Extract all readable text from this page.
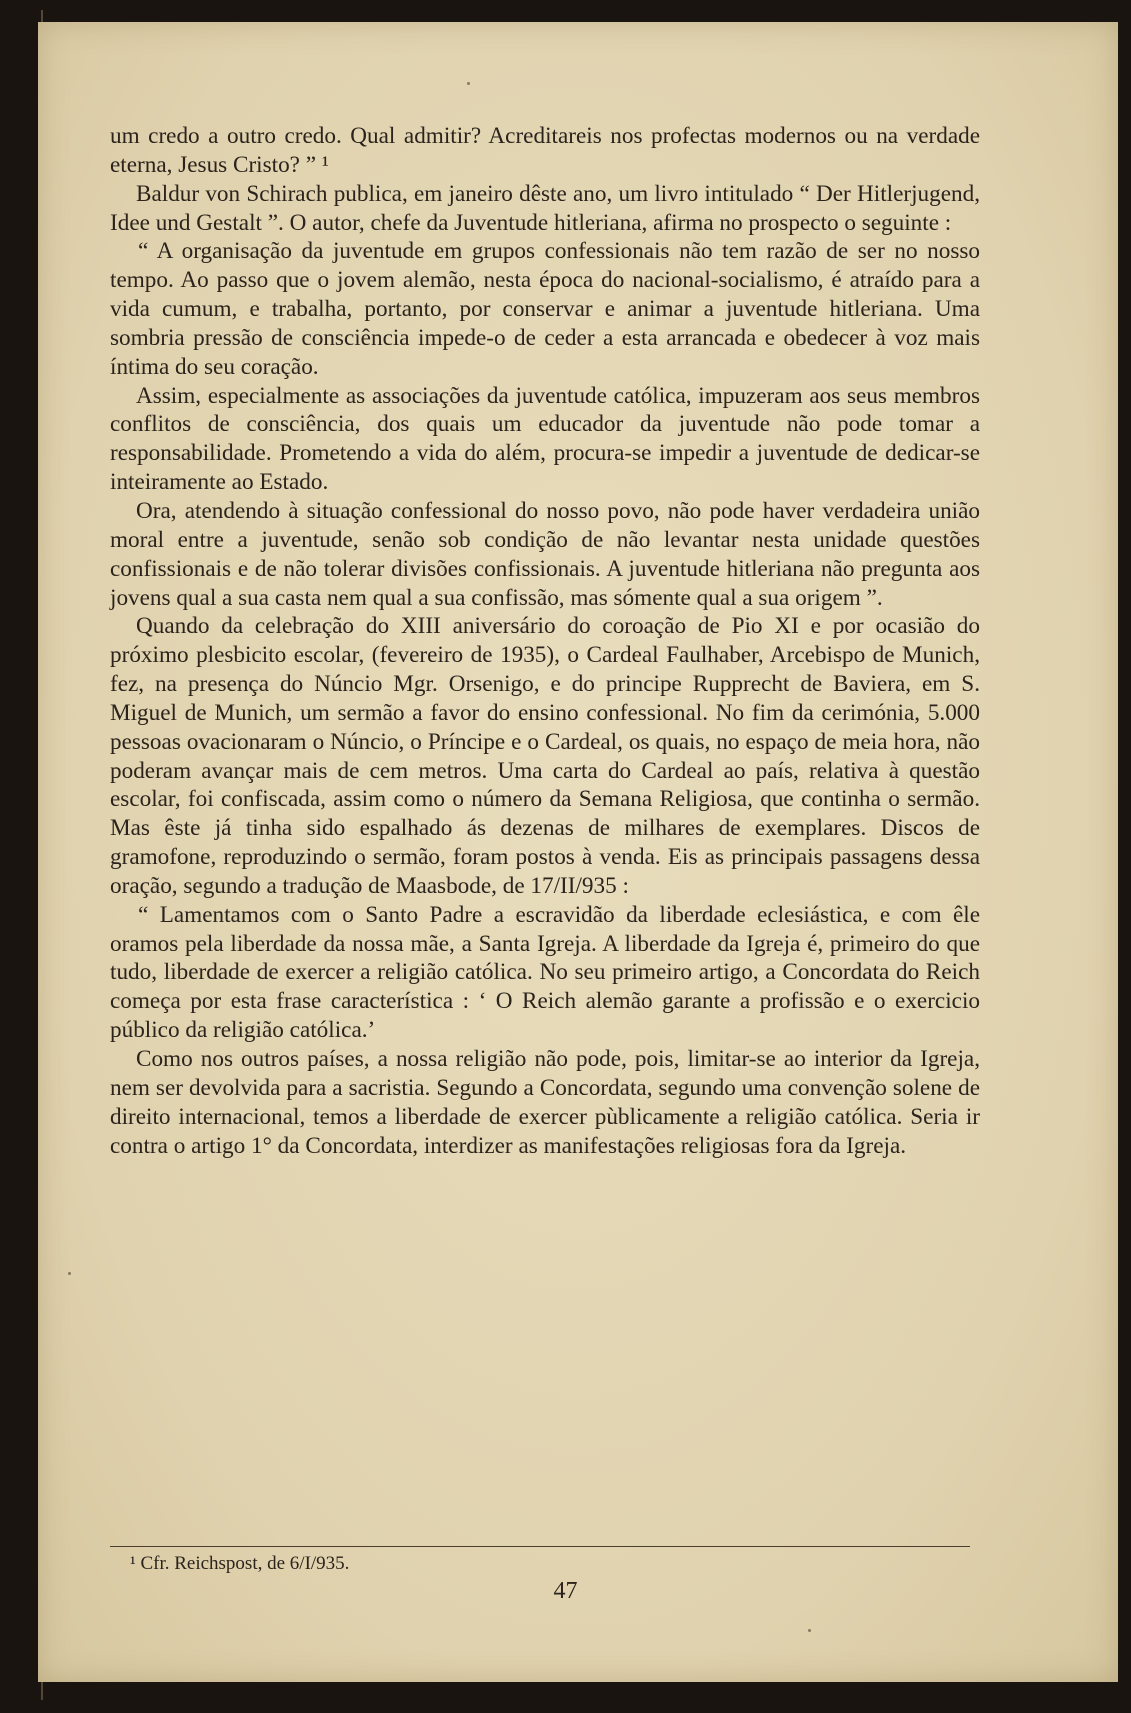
um credo a outro credo. Qual admitir? Acreditareis nos profectas modernos ou na verdade eterna, Jesus Cristo? ” ¹

Baldur von Schirach publica, em janeiro dêste ano, um livro intitulado “ Der Hitlerjugend, Idee und Gestalt ”. O autor, chefe da Juventude hitleriana, afirma no prospecto o seguinte :

“ A organisação da juventude em grupos confessionais não tem razão de ser no nosso tempo. Ao passo que o jovem alemão, nesta época do nacional-socialismo, é atraído para a vida cumum, e trabalha, portanto, por conservar e animar a juventude hitleriana. Uma sombria pressão de consciência impede-o de ceder a esta arrancada e obedecer à voz mais íntima do seu coração.

Assim, especialmente as associações da juventude católica, impuzeram aos seus membros conflitos de consciência, dos quais um educador da juventude não pode tomar a responsabilidade. Prometendo a vida do além, procura-se impedir a juventude de dedicar-se inteiramente ao Estado.

Ora, atendendo à situação confessional do nosso povo, não pode haver verdadeira união moral entre a juventude, senão sob condição de não levantar nesta unidade questões confissionais e de não tolerar divisões confissionais. A juventude hitleriana não pregunta aos jovens qual a sua casta nem qual a sua confissão, mas sómente qual a sua origem ”.

Quando da celebração do XIII aniversário do coroação de Pio XI e por ocasião do próximo plesbicito escolar, (fevereiro de 1935), o Cardeal Faulhaber, Arcebispo de Munich, fez, na presença do Núncio Mgr. Orsenigo, e do principe Rupprecht de Baviera, em S. Miguel de Munich, um sermão a favor do ensino confessional. No fim da cerimónia, 5.000 pessoas ovacionaram o Núncio, o Príncipe e o Cardeal, os quais, no espaço de meia hora, não poderam avançar mais de cem metros. Uma carta do Cardeal ao país, relativa à questão escolar, foi confiscada, assim como o número da Semana Religiosa, que continha o sermão. Mas êste já tinha sido espalhado ás dezenas de milhares de exemplares. Discos de gramofone, reproduzindo o sermão, foram postos à venda. Eis as principais passagens dessa oração, segundo a tradução de Maasbode, de 17/II/935 :

“ Lamentamos com o Santo Padre a escravidão da liberdade eclesiástica, e com êle oramos pela liberdade da nossa mãe, a Santa Igreja. A liberdade da Igreja é, primeiro do que tudo, liberdade de exercer a religião católica. No seu primeiro artigo, a Concordata do Reich começa por esta frase característica : ‘ O Reich alemão garante a profissão e o exercicio público da religião católica.’

Como nos outros países, a nossa religião não pode, pois, limitar-se ao interior da Igreja, nem ser devolvida para a sacristia. Segundo a Concordata, segundo uma convenção solene de direito internacional, temos a liberdade de exercer pùblicamente a religião católica. Seria ir contra o artigo 1° da Concordata, interdizer as manifestações religiosas fora da Igreja.

¹ Cfr. Reichspost, de 6/I/935.
47
